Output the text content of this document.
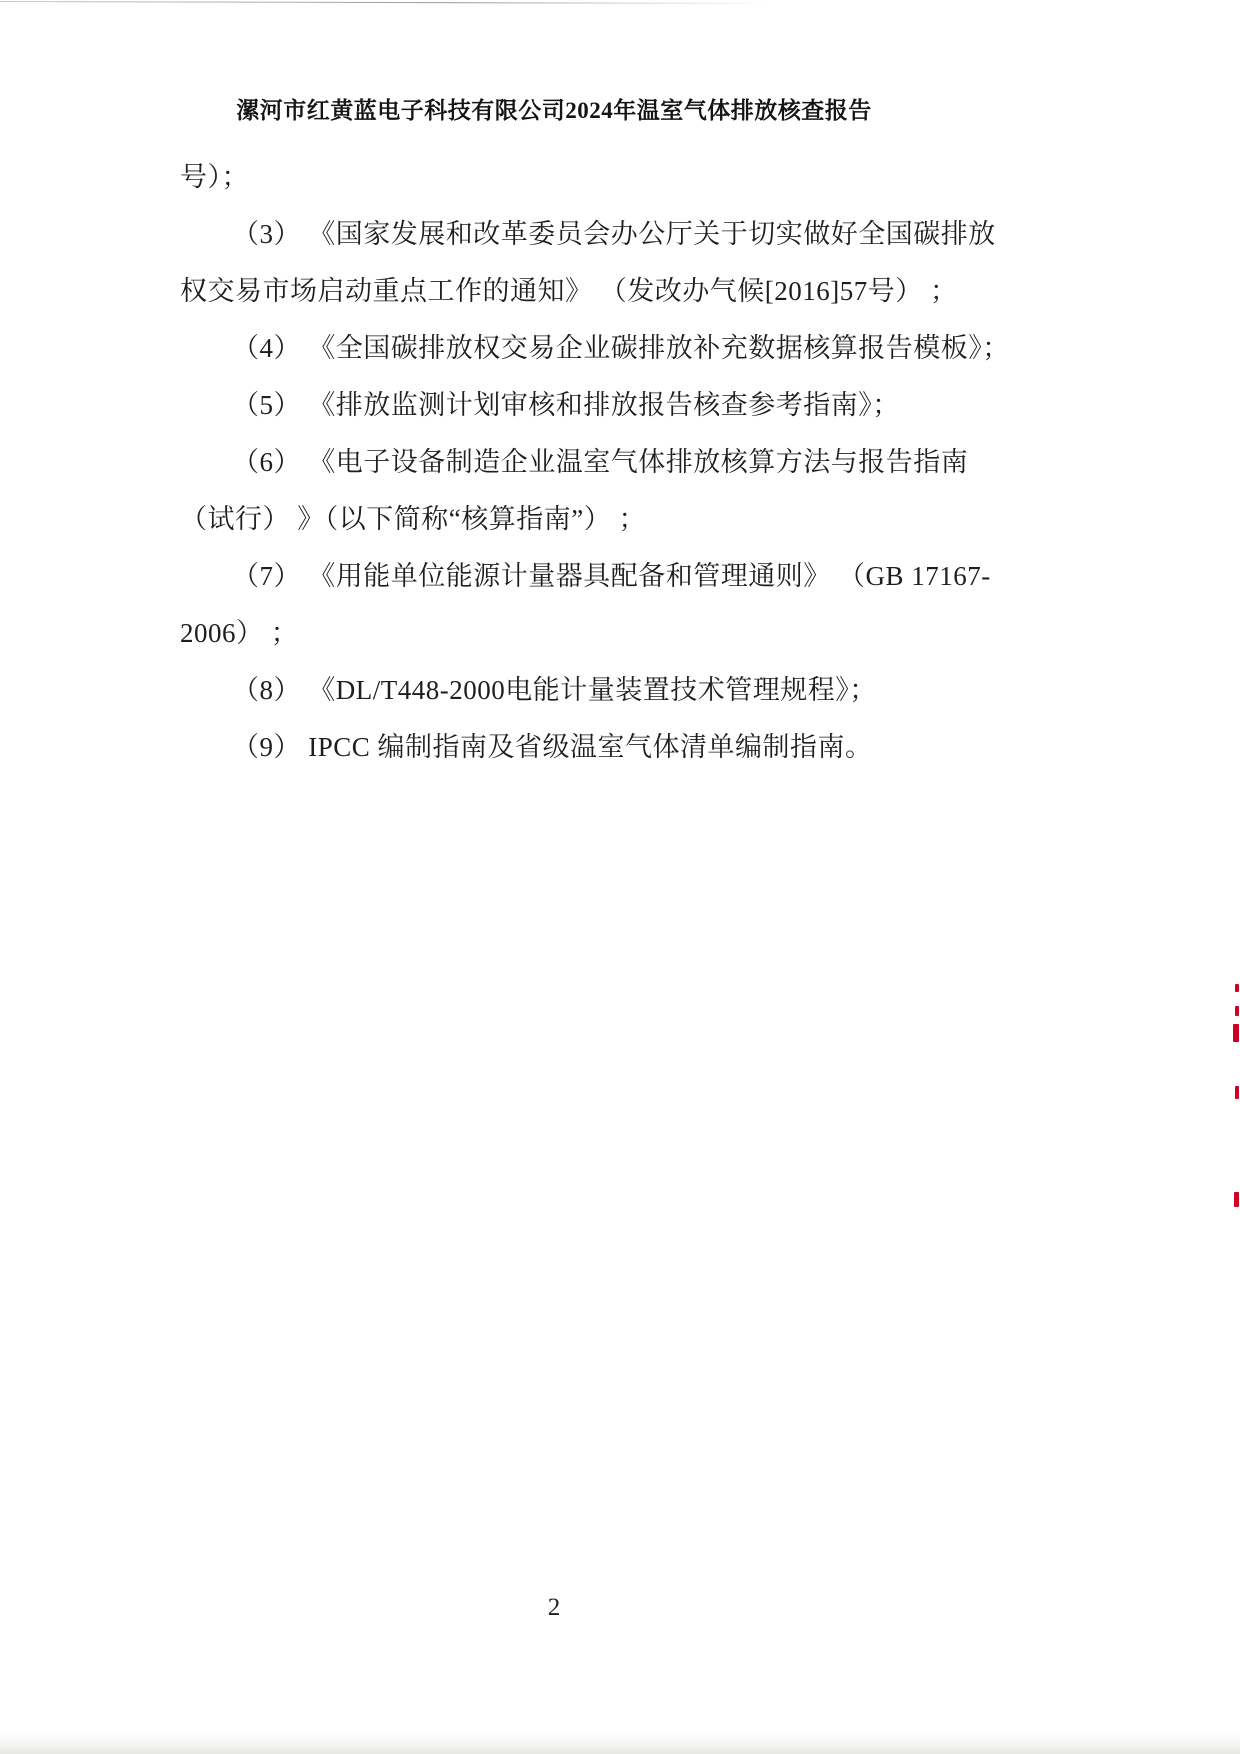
漯河市红黄蓝电子科技有限公司2024年温室气体排放核查报告
号）；
（3） 《国家发展和改革委员会办公厅关于切实做好全国碳排放
权交易市场启动重点工作的通知》 （发改办气候[2016]57号） ；
（4） 《全国碳排放权交易企业碳排放补充数据核算报告模板》；
（5） 《排放监测计划审核和排放报告核查参考指南》；
（6） 《电子设备制造企业温室气体排放核算方法与报告指南
（试行） 》（以下简称“核算指南”） ；
（7） 《用能单位能源计量器具配备和管理通则》 （GB 17167-
2006） ；
（8） 《DL/T448-2000电能计量装置技术管理规程》；
（9） IPCC 编制指南及省级温室气体清单编制指南。
2
